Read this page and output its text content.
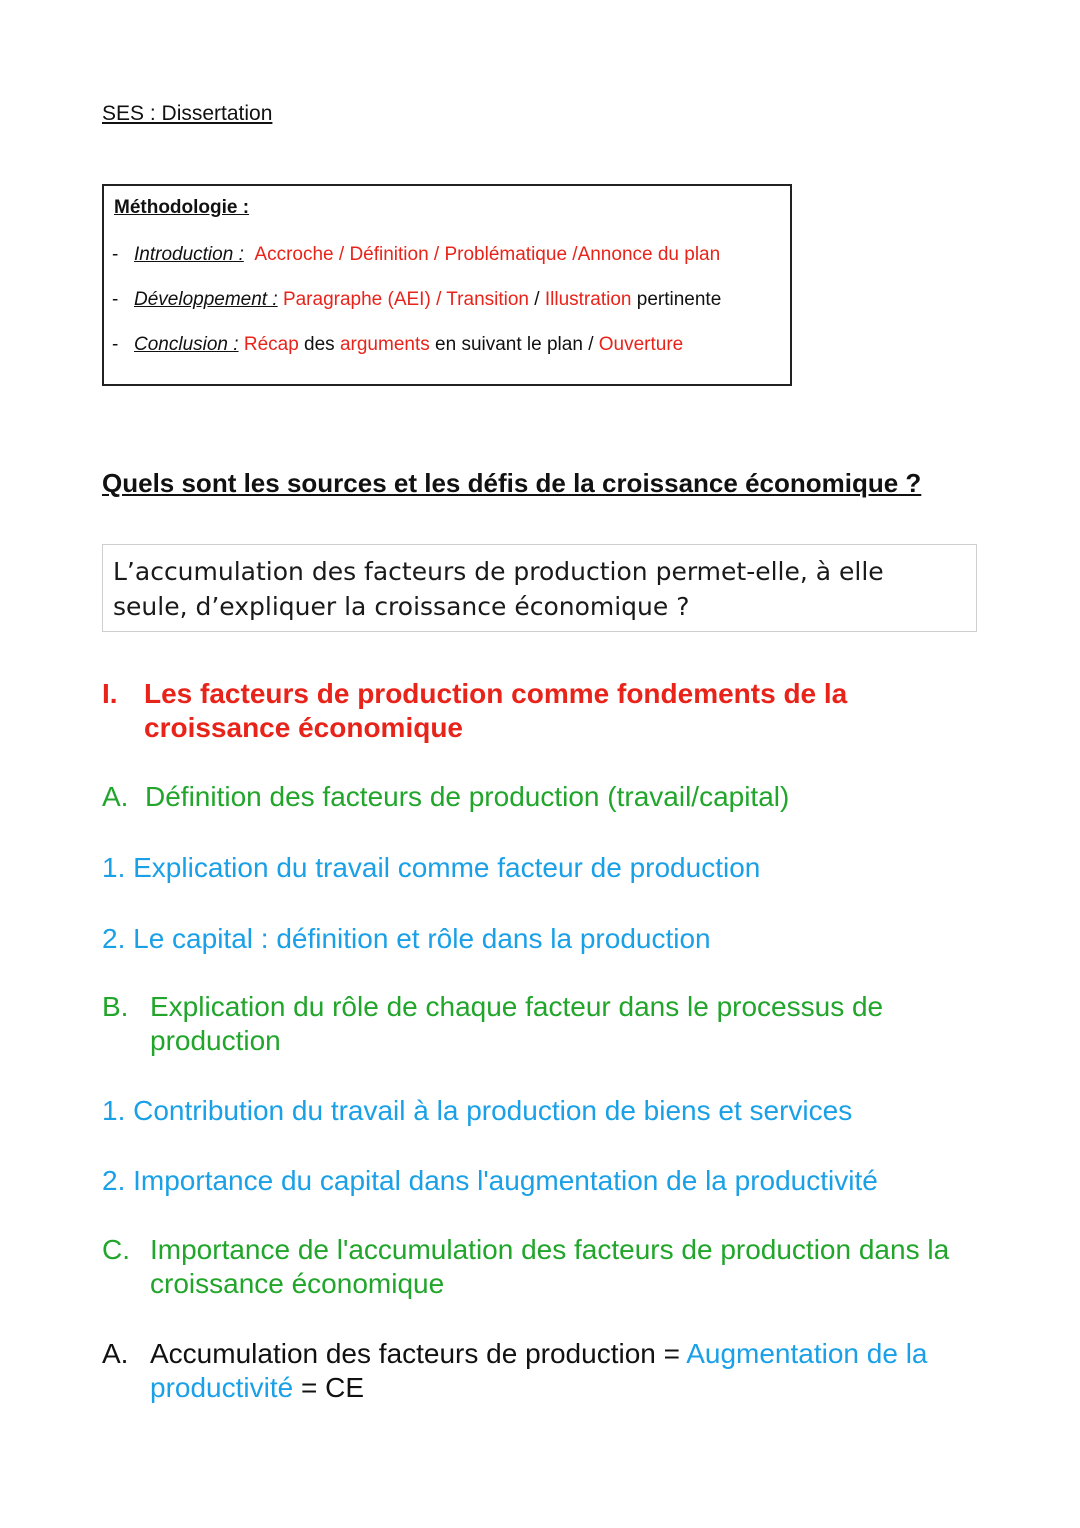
SES : Dissertation
Méthodologie :
- Introduction : Accroche / Définition / Problématique /Annonce du plan
- Développement : Paragraphe (AEI) / Transition / Illustration pertinente
- Conclusion : Récap des arguments en suivant le plan / Ouverture
Quels sont les sources et les défis de la croissance économique ?
L’accumulation des facteurs de production permet-elle, à elle seule, d’expliquer la croissance économique ?
I. Les facteurs de production comme fondements de la croissance économique
A. Définition des facteurs de production (travail/capital)
1. Explication du travail comme facteur de production
2. Le capital : définition et rôle dans la production
B. Explication du rôle de chaque facteur dans le processus de production
1. Contribution du travail à la production de biens et services
2. Importance du capital dans l'augmentation de la productivité
C. Importance de l'accumulation des facteurs de production dans la croissance économique
A. Accumulation des facteurs de production = Augmentation de la productivité = CE
